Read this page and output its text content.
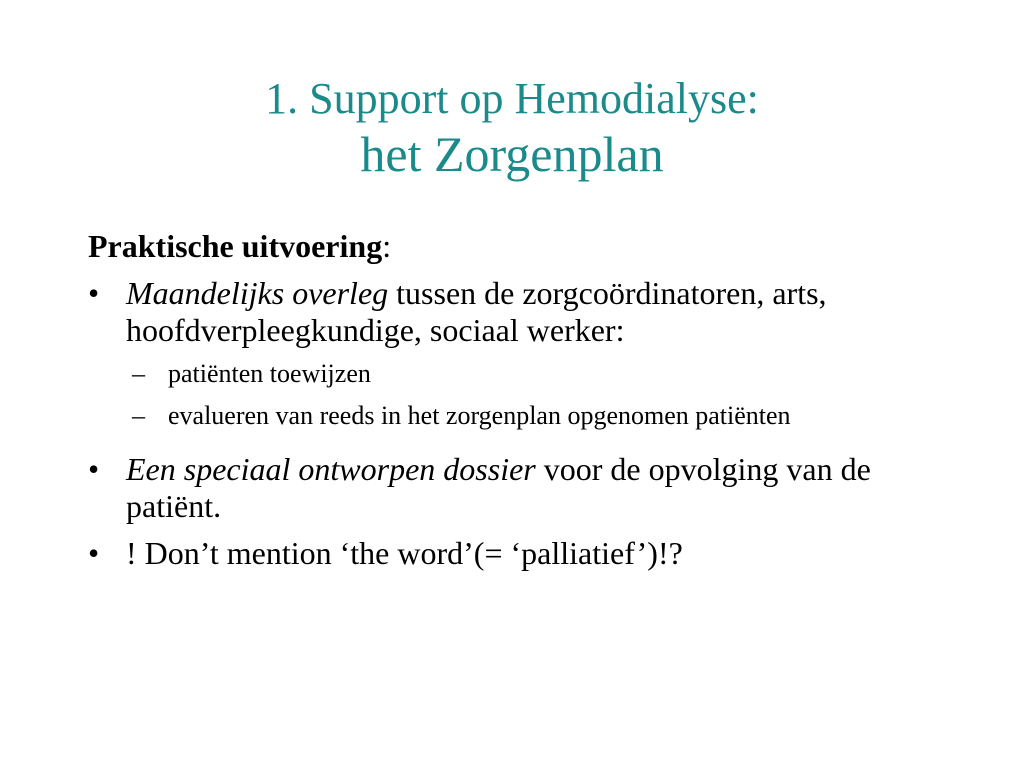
1. Support op Hemodialyse:
het Zorgenplan
Praktische uitvoering:
• Maandelijks overleg tussen de zorgcoördinatoren, arts, hoofdverpleegkundige, sociaal werker:
– patiënten toewijzen
– evalueren van reeds in het zorgenplan opgenomen patiënten
• Een speciaal ontworpen dossier voor de opvolging van de patiënt.
• ! Don’t mention ‘the word’(= ‘palliatief’)!?
